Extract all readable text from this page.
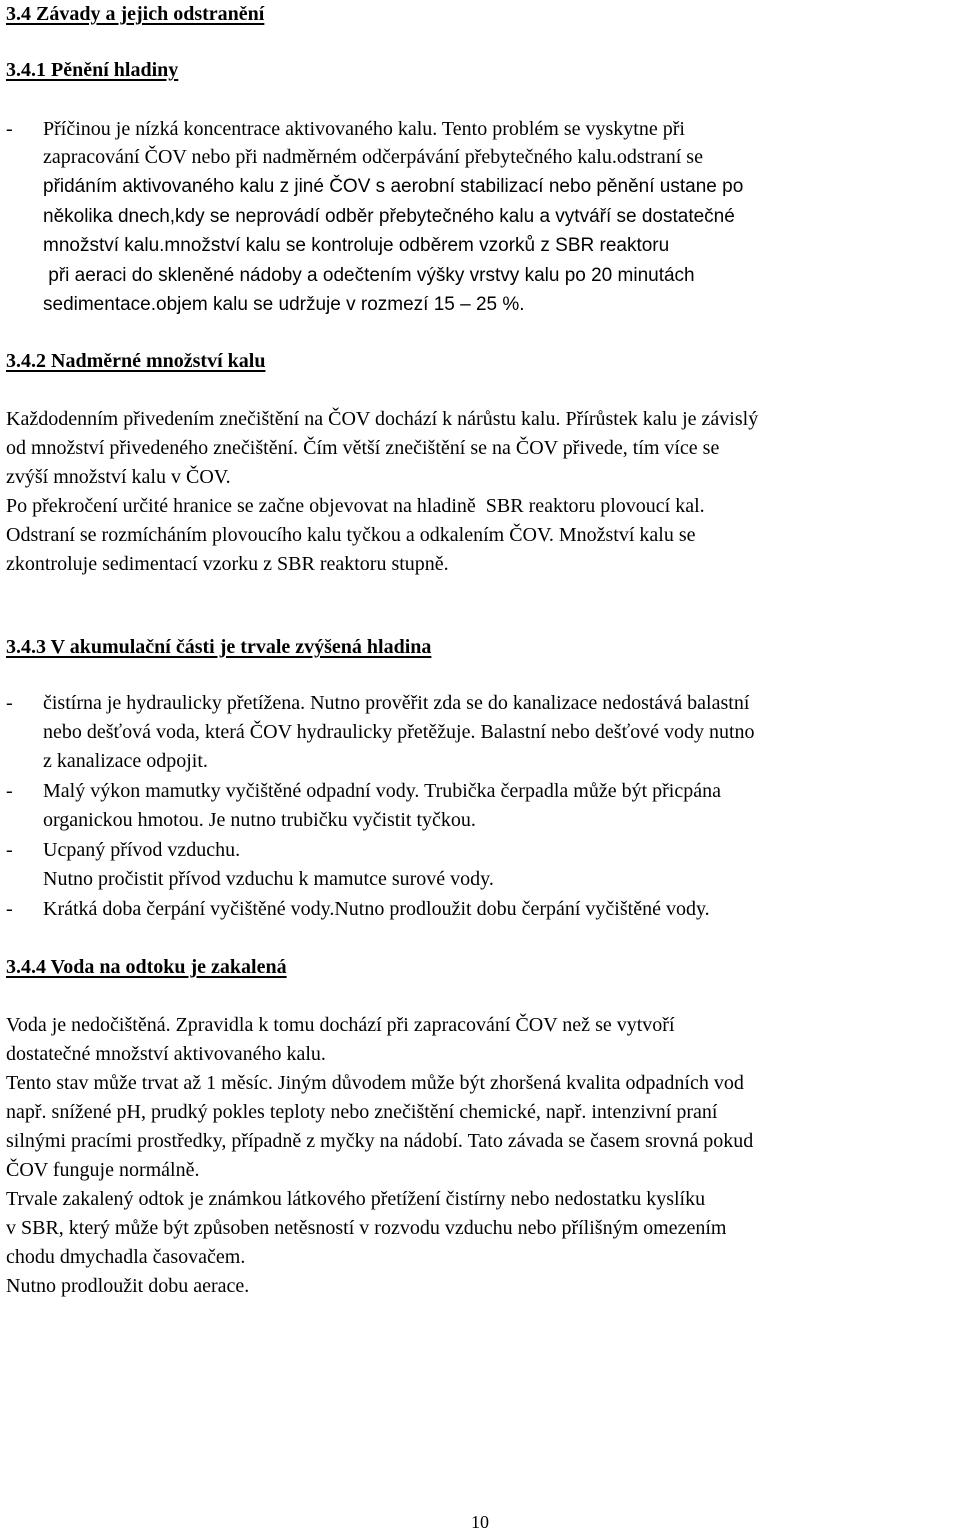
3.4 Závady a jejich odstranění
3.4.1 Pěnění hladiny
- Příčinou je nízká koncentrace aktivovaného kalu. Tento problém se vyskytne při
zapracování ČOV nebo při nadměrném odčerpávání přebytečného kalu.odstraní se
přidáním aktivovaného kalu z jiné ČOV s aerobní stabilizací nebo pěnění ustane po
několika dnech,kdy se neprovádí odběr přebytečného kalu a vytváří se dostatečné
množství kalu.množství kalu se kontroluje odběrem vzorků z SBR reaktoru
při aeraci do skleněné nádoby a odečtením výšky vrstvy kalu po 20 minutách
sedimentace.objem kalu se udržuje v rozmezí 15 – 25 %.
3.4.2 Nadměrné množství kalu
Každodenním přivedením znečištění na ČOV dochází k nárůstu kalu. Přírůstek kalu je závislý
od množství přivedeného znečištění. Čím větší znečištění se na ČOV přivede, tím více se
zvýší množství kalu v ČOV.
Po překročení určité hranice se začne objevovat na hladině  SBR reaktoru plovoucí kal.
Odstraní se rozmícháním plovoucího kalu tyčkou a odkalením ČOV. Množství kalu se
zkontroluje sedimentací vzorku z SBR reaktoru stupně.
3.4.3 V akumulační části je trvale zvýšená hladina
- čistírna je hydraulicky přetížena. Nutno prověřit zda se do kanalizace nedostává balastní
nebo dešťová voda, která ČOV hydraulicky přetěžuje. Balastní nebo dešťové vody nutno
z kanalizace odpojit.
- Malý výkon mamutky vyčištěné odpadní vody. Trubička čerpadla může být přicpána
organickou hmotou. Je nutno trubičku vyčistit tyčkou.
- Ucpaný přívod vzduchu.
Nutno pročistit přívod vzduchu k mamutce surové vody.
- Krátká doba čerpání vyčištěné vody.Nutno prodloužit dobu čerpání vyčištěné vody.
3.4.4 Voda na odtoku je zakalená
Voda je nedočištěná. Zpravidla k tomu dochází při zapracování ČOV než se vytvoří
dostatečné množství aktivovaného kalu.
Tento stav může trvat až 1 měsíc. Jiným důvodem může být zhoršená kvalita odpadních vod
např. snížené pH, prudký pokles teploty nebo znečištění chemické, např. intenzivní praní
silnými pracími prostředky, případně z myčky na nádobí. Tato závada se časem srovná pokud
ČOV funguje normálně.
Trvale zakalený odtok je známkou látkového přetížení čistírny nebo nedostatku kyslíku
v SBR, který může být způsoben netěsností v rozvodu vzduchu nebo přílišným omezením
chodu dmychadla časovačem.
Nutno prodloužit dobu aerace.
10
